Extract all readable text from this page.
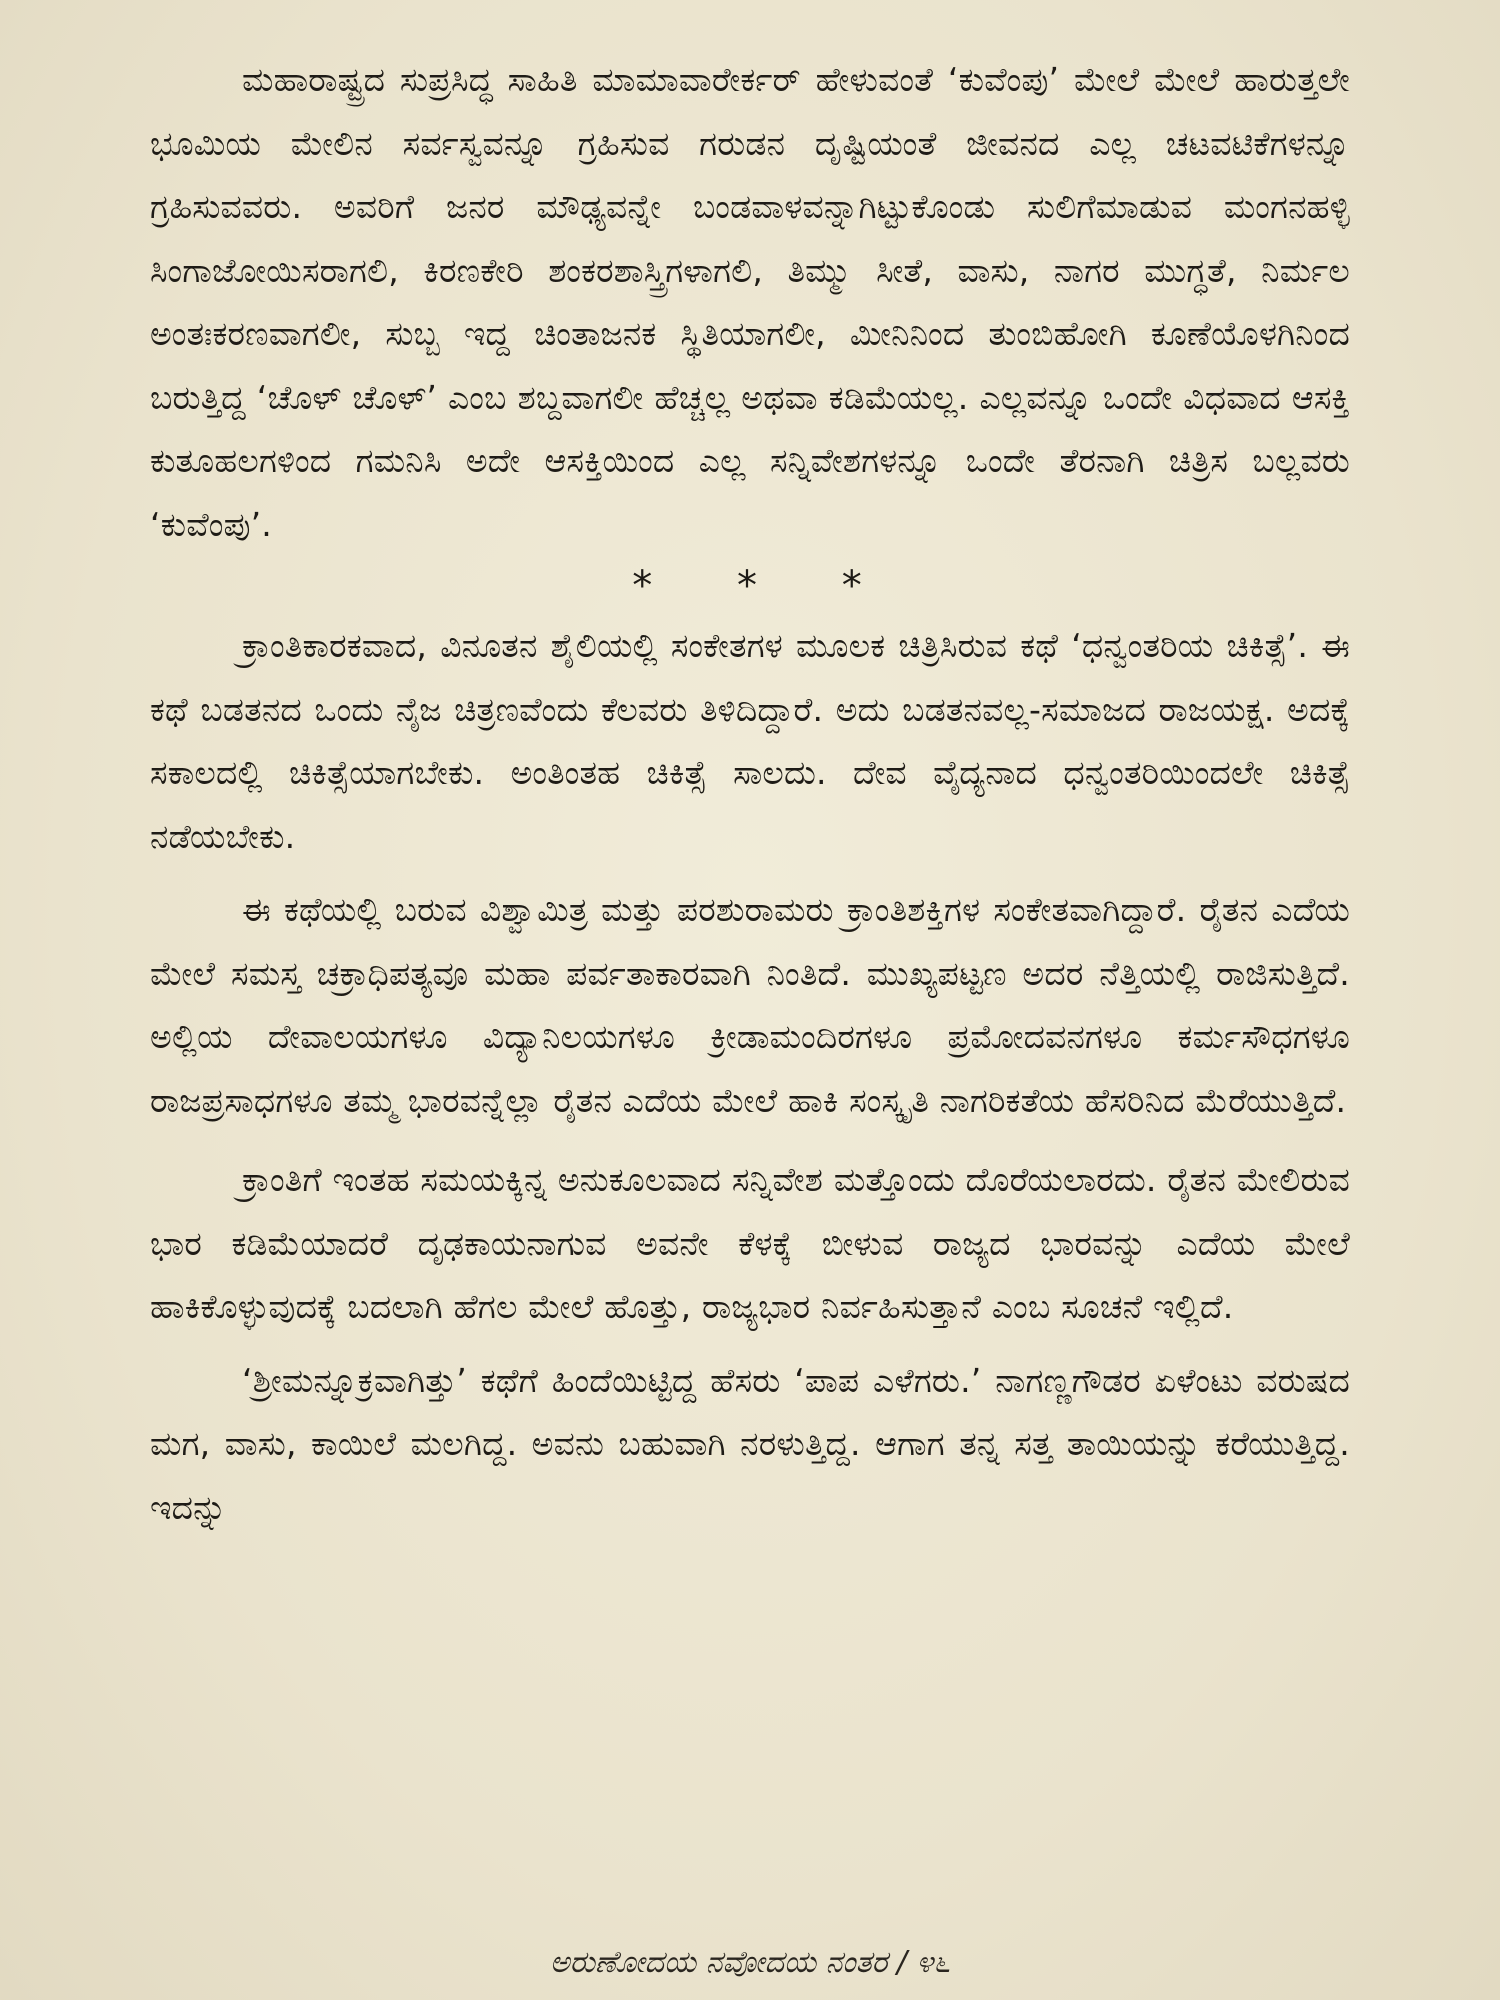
ಮಹಾರಾಷ್ಟ್ರದ ಸುಪ್ರಸಿದ್ಧ ಸಾಹಿತಿ ಮಾಮಾವಾರೇರ್ಕರ್ ಹೇಳುವಂತೆ ‘ಕುವೆಂಪು’ ಮೇಲೆ ಮೇಲೆ ಹಾರುತ್ತಲೇ ಭೂಮಿಯ ಮೇಲಿನ ಸರ್ವಸ್ವವನ್ನೂ ಗ್ರಹಿಸುವ ಗರುಡನ ದೃಷ್ಟಿಯಂತೆ ಜೀವನದ ಎಲ್ಲ ಚಟವಟಿಕೆಗಳನ್ನೂ ಗ್ರಹಿಸುವವರು. ಅವರಿಗೆ ಜನರ ಮೌಢ್ಯವನ್ನೇ ಬಂಡವಾಳವನ್ನಾಗಿಟ್ಟುಕೊಂಡು ಸುಲಿಗೆಮಾಡುವ ಮಂಗನಹಳ್ಳಿ ಸಿಂಗಾಜೋಯಿಸರಾಗಲಿ, ಕಿರಣಕೇರಿ ಶಂಕರಶಾಸ್ತ್ರಿಗಳಾಗಲಿ, ತಿಮ್ಮು ಸೀತೆ, ವಾಸು, ನಾಗರ ಮುಗ್ಧತೆ, ನಿರ್ಮಲ ಅಂತಃಕರಣವಾಗಲೀ, ಸುಬ್ಬ ಇದ್ದ ಚಿಂತಾಜನಕ ಸ್ಥಿತಿಯಾಗಲೀ, ಮೀನಿನಿಂದ ತುಂಬಿಹೋಗಿ ಕೂಣೆಯೊಳಗಿನಿಂದ ಬರುತ್ತಿದ್ದ ‘ಚೊಳ್ ಚೊಳ್’ ಎಂಬ ಶಬ್ದವಾಗಲೀ ಹೆಚ್ಚಲ್ಲ ಅಥವಾ ಕಡಿಮೆಯಲ್ಲ. ಎಲ್ಲವನ್ನೂ ಒಂದೇ ವಿಧವಾದ ಆಸಕ್ತಿ ಕುತೂಹಲಗಳಿಂದ ಗಮನಿಸಿ ಅದೇ ಆಸಕ್ತಿಯಿಂದ ಎಲ್ಲ ಸನ್ನಿವೇಶಗಳನ್ನೂ ಒಂದೇ ತೆರನಾಗಿ ಚಿತ್ರಿಸ ಬಲ್ಲವರು ‘ಕುವೆಂಪು’.

* * *

ಕ್ರಾಂತಿಕಾರಕವಾದ, ವಿನೂತನ ಶೈಲಿಯಲ್ಲಿ ಸಂಕೇತಗಳ ಮೂಲಕ ಚಿತ್ರಿಸಿರುವ ಕಥೆ ‘ಧನ್ವಂತರಿಯ ಚಿಕಿತ್ಸೆ’. ಈ ಕಥೆ ಬಡತನದ ಒಂದು ನೈಜ ಚಿತ್ರಣವೆಂದು ಕೆಲವರು ತಿಳಿದಿದ್ದಾರೆ. ಅದು ಬಡತನವಲ್ಲ-ಸಮಾಜದ ರಾಜಯಕ್ಷ. ಅದಕ್ಕೆ ಸಕಾಲದಲ್ಲಿ ಚಿಕಿತ್ಸೆಯಾಗಬೇಕು. ಅಂತಿಂತಹ ಚಿಕಿತ್ಸೆ ಸಾಲದು. ದೇವ ವೈದ್ಯನಾದ ಧನ್ವಂತರಿಯಿಂದಲೇ ಚಿಕಿತ್ಸೆ ನಡೆಯಬೇಕು.

ಈ ಕಥೆಯಲ್ಲಿ ಬರುವ ವಿಶ್ವಾಮಿತ್ರ ಮತ್ತು ಪರಶುರಾಮರು ಕ್ರಾಂತಿಶಕ್ತಿಗಳ ಸಂಕೇತವಾಗಿದ್ದಾರೆ. ರೈತನ ಎದೆಯ ಮೇಲೆ ಸಮಸ್ತ ಚಕ್ರಾಧಿಪತ್ಯವೂ ಮಹಾ ಪರ್ವತಾಕಾರವಾಗಿ ನಿಂತಿದೆ. ಮುಖ್ಯಪಟ್ಟಣ ಅದರ ನೆತ್ತಿಯಲ್ಲಿ ರಾಜಿಸುತ್ತಿದೆ. ಅಲ್ಲಿಯ ದೇವಾಲಯಗಳೂ ವಿದ್ಯಾನಿಲಯಗಳೂ ಕ್ರೀಡಾಮಂದಿರಗಳೂ ಪ್ರಮೋದವನಗಳೂ ಕರ್ಮಸೌಧಗಳೂ ರಾಜಪ್ರಸಾಧಗಳೂ ತಮ್ಮ ಭಾರವನ್ನೆಲ್ಲಾ ರೈತನ ಎದೆಯ ಮೇಲೆ ಹಾಕಿ ಸಂಸ್ಕೃತಿ ನಾಗರಿಕತೆಯ ಹೆಸರಿನಿದ ಮೆರೆಯುತ್ತಿದೆ.

ಕ್ರಾಂತಿಗೆ ಇಂತಹ ಸಮಯಕ್ಕಿನ್ನ ಅನುಕೂಲವಾದ ಸನ್ನಿವೇಶ ಮತ್ತೊಂದು ದೊರೆಯಲಾರದು. ರೈತನ ಮೇಲಿರುವ ಭಾರ ಕಡಿಮೆಯಾದರೆ ದೃಢಕಾಯನಾಗುವ ಅವನೇ ಕೆಳಕ್ಕೆ ಬೀಳುವ ರಾಜ್ಯದ ಭಾರವನ್ನು ಎದೆಯ ಮೇಲೆ ಹಾಕಿಕೊಳ್ಳುವುದಕ್ಕೆ ಬದಲಾಗಿ ಹೆಗಲ ಮೇಲೆ ಹೊತ್ತು, ರಾಜ್ಯಭಾರ ನಿರ್ವಹಿಸುತ್ತಾನೆ ಎಂಬ ಸೂಚನೆ ಇಲ್ಲಿದೆ.

‘ಶ್ರೀಮನ್ನೂಕ್ರವಾಗಿತ್ತು’ ಕಥೆಗೆ ಹಿಂದೆಯಿಟ್ಟಿದ್ದ ಹೆಸರು ‘ಪಾಪ ಎಳೆಗರು.’ ನಾಗಣ್ಣಗೌಡರ ಏಳೆಂಟು ವರುಷದ ಮಗ, ವಾಸು, ಕಾಯಿಲೆ ಮಲಗಿದ್ದ. ಅವನು ಬಹುವಾಗಿ ನರಳುತ್ತಿದ್ದ. ಆಗಾಗ ತನ್ನ ಸತ್ತ ತಾಯಿಯನ್ನು ಕರೆಯುತ್ತಿದ್ದ. ಇದನ್ನು

ಅರುಣೋದಯ ನವೋದಯ ನಂತರ / ೪೬
